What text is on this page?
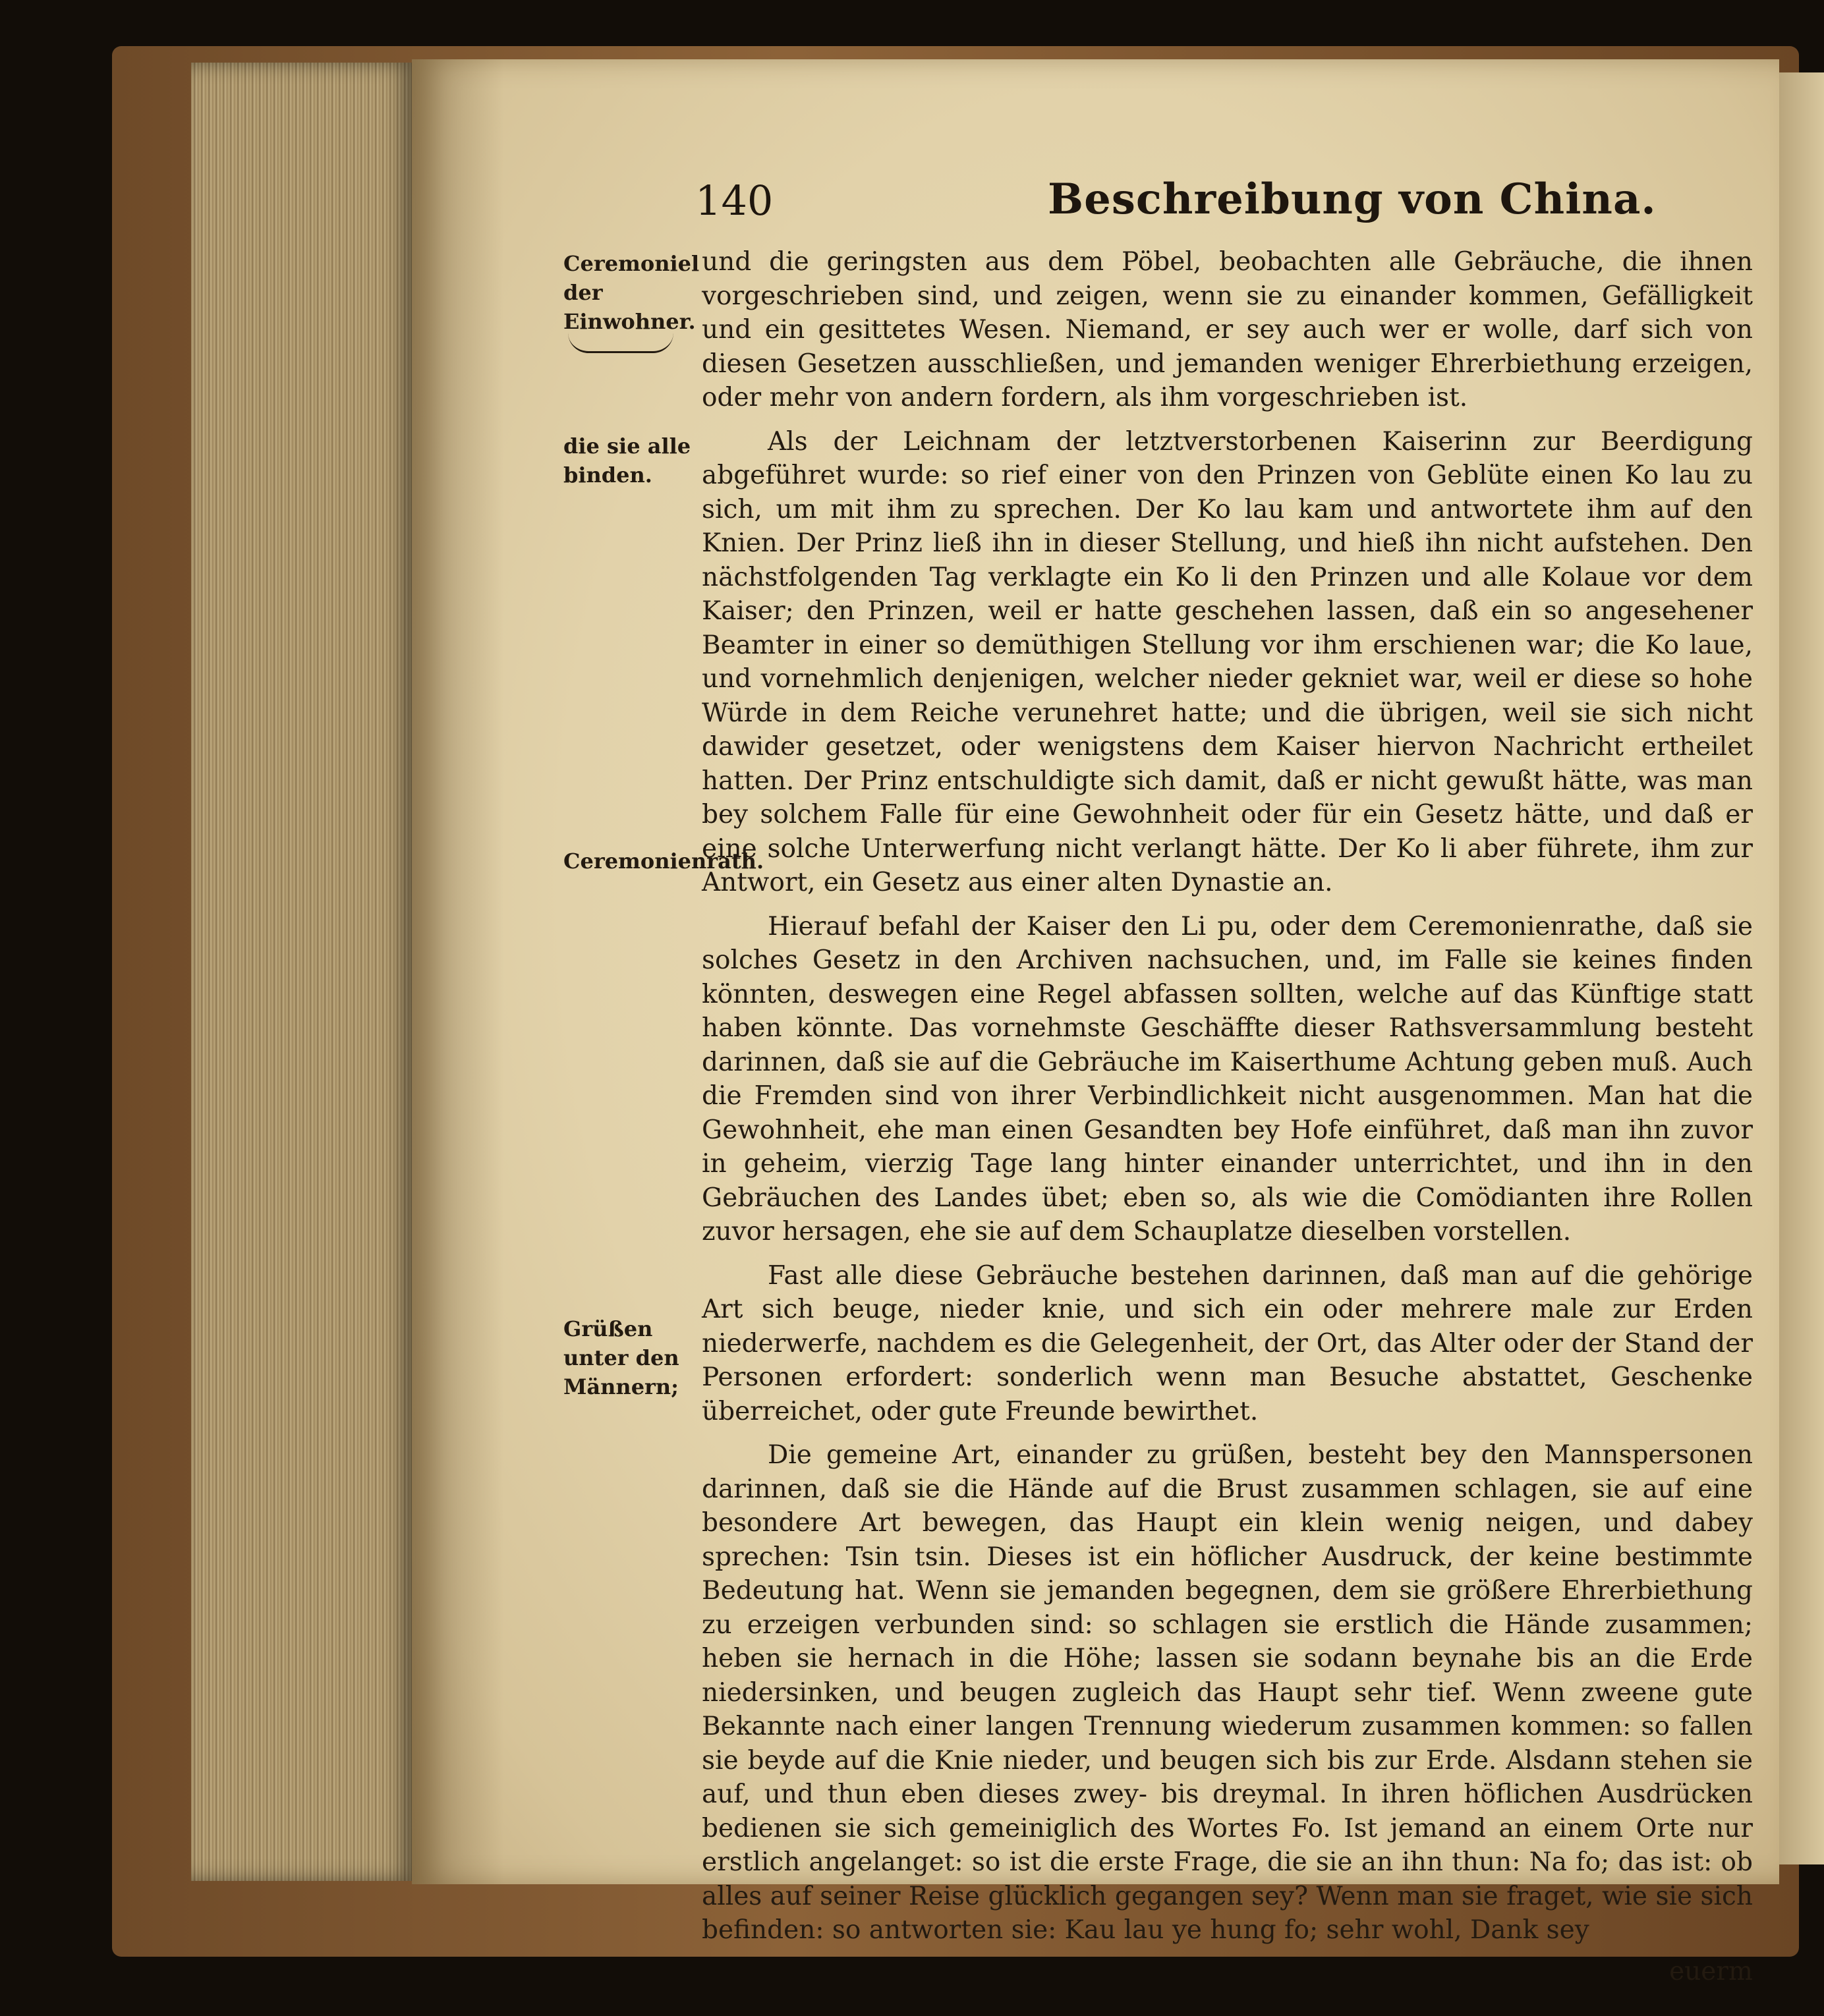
140	Beschreibung von China.
Ceremoniel der Einwohner.
die sie alle binden.
Ceremonienrath.
Grüßen unter den Männern;

und die geringsten aus dem Pöbel, beobachten alle Gebräuche, die ihnen vorgeschrieben sind, und zeigen, wenn sie zu einander kommen, Gefälligkeit und ein gesittetes Wesen. Niemand, er sey auch wer er wolle, darf sich von diesen Gesetzen ausschließen, und jemanden weniger Ehrerbiethung erzeigen, oder mehr von andern fordern, als ihm vorgeschrieben ist.

Als der Leichnam der letztverstorbenen Kaiserinn zur Beerdigung abgeführet wurde: so rief einer von den Prinzen von Geblüte einen Ko lau zu sich, um mit ihm zu sprechen. Der Ko lau kam und antwortete ihm auf den Knien. Der Prinz ließ ihn in dieser Stellung, und hieß ihn nicht aufstehen. Den nächstfolgenden Tag verklagte ein Ko li den Prinzen und alle Kolaue vor dem Kaiser; den Prinzen, weil er hatte geschehen lassen, daß ein so angesehener Beamter in einer so demüthigen Stellung vor ihm erschienen war; die Ko laue, und vornehmlich denjenigen, welcher nieder gekniet war, weil er diese so hohe Würde in dem Reiche verunehret hatte; und die übrigen, weil sie sich nicht dawider gesetzet, oder wenigstens dem Kaiser hiervon Nachricht ertheilet hatten. Der Prinz entschuldigte sich damit, daß er nicht gewußt hätte, was man bey solchem Falle für eine Gewohnheit oder für ein Gesetz hätte, und daß er eine solche Unterwerfung nicht verlangt hätte. Der Ko li aber führete, ihm zur Antwort, ein Gesetz aus einer alten Dynastie an.

Hierauf befahl der Kaiser den Li pu, oder dem Ceremonienrathe, daß sie solches Gesetz in den Archiven nachsuchen, und, im Falle sie keines finden könnten, deswegen eine Regel abfassen sollten, welche auf das Künftige statt haben könnte. Das vornehmste Geschäffte dieser Rathsversammlung besteht darinnen, daß sie auf die Gebräuche im Kaiserthume Achtung geben muß. Auch die Fremden sind von ihrer Verbindlichkeit nicht ausgenommen. Man hat die Gewohnheit, ehe man einen Gesandten bey Hofe einführet, daß man ihn zuvor in geheim, vierzig Tage lang hinter einander unterrichtet, und ihn in den Gebräuchen des Landes übet; eben so, als wie die Comödianten ihre Rollen zuvor hersagen, ehe sie auf dem Schauplatze dieselben vorstellen.

Fast alle diese Gebräuche bestehen darinnen, daß man auf die gehörige Art sich beuge, nieder knie, und sich ein oder mehrere male zur Erden niederwerfe, nachdem es die Gelegenheit, der Ort, das Alter oder der Stand der Personen erfordert: sonderlich wenn man Besuche abstattet, Geschenke überreichet, oder gute Freunde bewirthet.

Die gemeine Art, einander zu grüßen, besteht bey den Mannspersonen darinnen, daß sie die Hände auf die Brust zusammen schlagen, sie auf eine besondere Art bewegen, das Haupt ein klein wenig neigen, und dabey sprechen: Tsin tsin. Dieses ist ein höflicher Ausdruck, der keine bestimmte Bedeutung hat. Wenn sie jemanden begegnen, dem sie größere Ehrerbiethung zu erzeigen verbunden sind: so schlagen sie erstlich die Hände zusammen; heben sie hernach in die Höhe; lassen sie sodann beynahe bis an die Erde niedersinken, und beugen zugleich das Haupt sehr tief. Wenn zweene gute Bekannte nach einer langen Trennung wiederum zusammen kommen: so fallen sie beyde auf die Knie nieder, und beugen sich bis zur Erde. Alsdann stehen sie auf, und thun eben dieses zwey- bis dreymal. In ihren höflichen Ausdrücken bedienen sie sich gemeiniglich des Wortes Fo. Ist jemand an einem Orte nur erstlich angelanget: so ist die erste Frage, die sie an ihn thun: Na fo; das ist: ob alles auf seiner Reise glücklich gegangen sey? Wenn man sie fraget, wie sie sich befinden: so antworten sie: Kau lau ye hung fo; sehr wohl, Dank sey

euerm
